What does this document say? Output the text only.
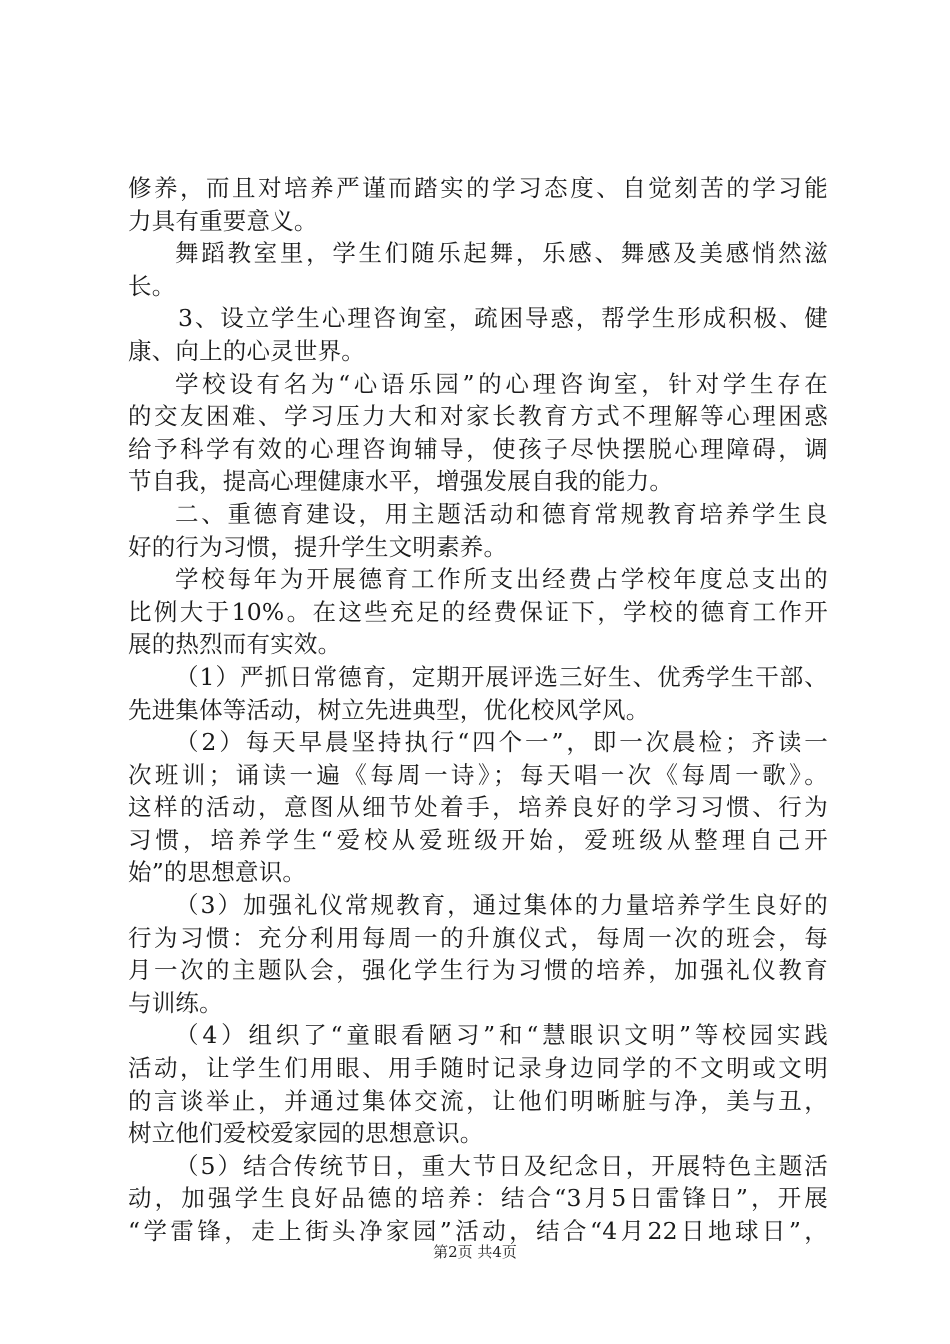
修养，而且对培养严谨而踏实的学习态度、自觉刻苦的学习能
力具有重要意义。
舞蹈教室里，学生们随乐起舞，乐感、舞感及美感悄然滋
长。
3、设立学生心理咨询室，疏困导惑，帮学生形成积极、健
康、向上的心灵世界。
学校设有名为“心语乐园”的心理咨询室，针对学生存在
的交友困难、学习压力大和对家长教育方式不理解等心理困惑
给予科学有效的心理咨询辅导，使孩子尽快摆脱心理障碍，调
节自我，提高心理健康水平，增强发展自我的能力。
二、重德育建设，用主题活动和德育常规教育培养学生良
好的行为习惯，提升学生文明素养。
学校每年为开展德育工作所支出经费占学校年度总支出的
比例大于10%。在这些充足的经费保证下，学校的德育工作开
展的热烈而有实效。
（1）严抓日常德育，定期开展评选三好生、优秀学生干部、
先进集体等活动，树立先进典型，优化校风学风。
（2）每天早晨坚持执行“四个一”，即一次晨检；齐读一
次班训；诵读一遍《每周一诗》；每天唱一次《每周一歌》。
这样的活动，意图从细节处着手，培养良好的学习习惯、行为
习惯，培养学生“爱校从爱班级开始，爱班级从整理自己开
始”的思想意识。
（3）加强礼仪常规教育，通过集体的力量培养学生良好的
行为习惯：充分利用每周一的升旗仪式，每周一次的班会，每
月一次的主题队会，强化学生行为习惯的培养，加强礼仪教育
与训练。
（4）组织了“童眼看陋习”和“慧眼识文明”等校园实践
活动，让学生们用眼、用手随时记录身边同学的不文明或文明
的言谈举止，并通过集体交流，让他们明晰脏与净，美与丑，
树立他们爱校爱家园的思想意识。
（5）结合传统节日，重大节日及纪念日，开展特色主题活
动，加强学生良好品德的培养：结合“3月5日雷锋日”，开展
“学雷锋，走上街头净家园”活动，结合“4月22日地球日”，
第2页 共4页
